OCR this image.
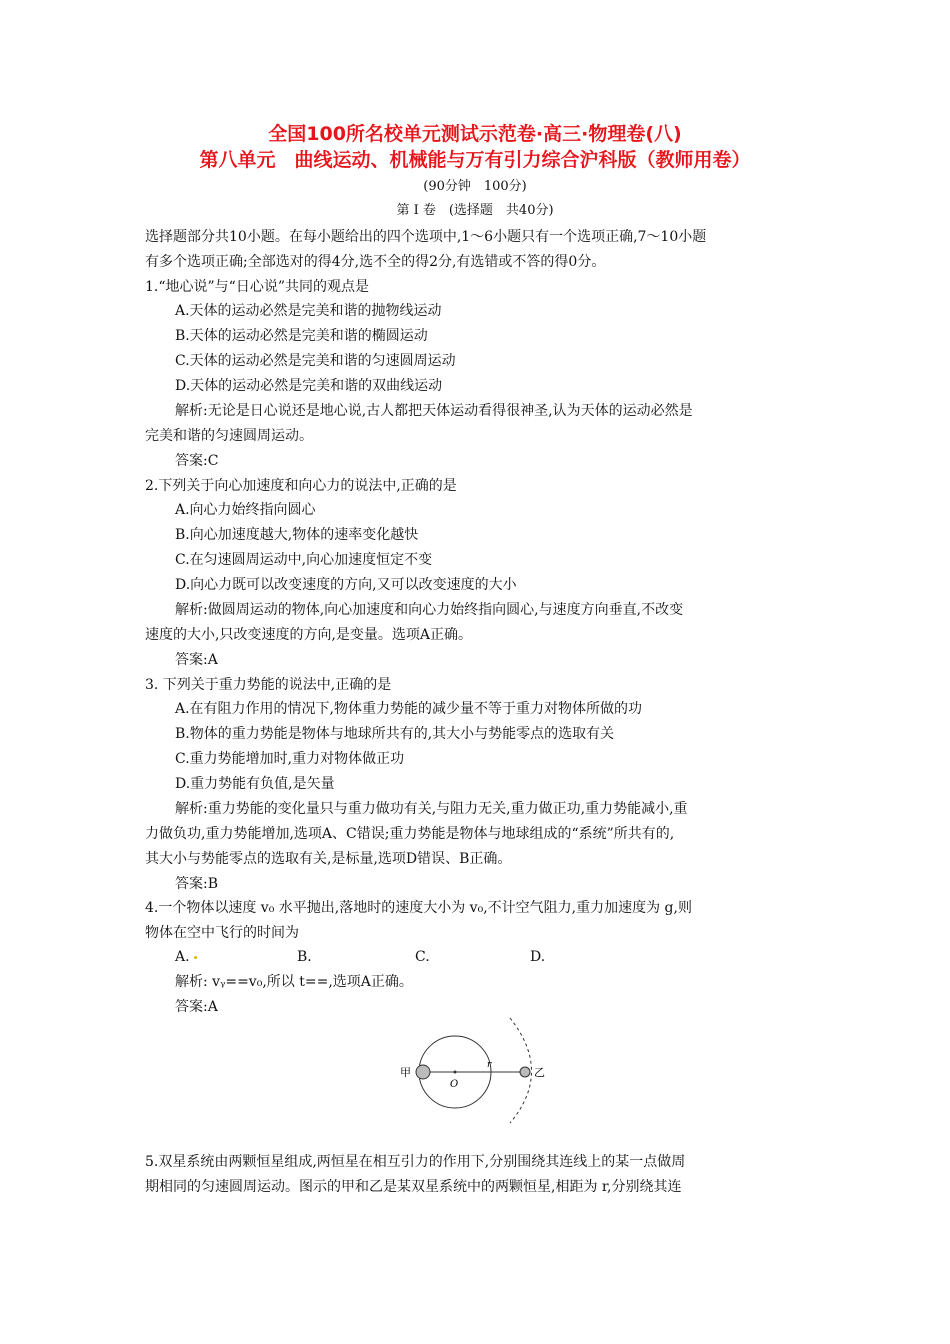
全国100所名校单元测试示范卷·高三·物理卷(八)
第八单元　曲线运动、机械能与万有引力综合沪科版（教师用卷）
(90分钟　100分)
第 I 卷　(选择题　共40分)
选择题部分共10小题。在每小题给出的四个选项中,1～6小题只有一个选项正确,7～10小题
有多个选项正确;全部选对的得4分,选不全的得2分,有选错或不答的得0分。
1.“地心说”与“日心说”共同的观点是
A.天体的运动必然是完美和谐的抛物线运动
B.天体的运动必然是完美和谐的椭圆运动
C.天体的运动必然是完美和谐的匀速圆周运动
D.天体的运动必然是完美和谐的双曲线运动
解析:无论是日心说还是地心说,古人都把天体运动看得很神圣,认为天体的运动必然是
完美和谐的匀速圆周运动。
答案:C
2.下列关于向心加速度和向心力的说法中,正确的是
A.向心力始终指向圆心
B.向心加速度越大,物体的速率变化越快
C.在匀速圆周运动中,向心加速度恒定不变
D.向心力既可以改变速度的方向,又可以改变速度的大小
解析:做圆周运动的物体,向心加速度和向心力始终指向圆心,与速度方向垂直,不改变
速度的大小,只改变速度的方向,是变量。选项A正确。
答案:A
3. 下列关于重力势能的说法中,正确的是
A.在有阻力作用的情况下,物体重力势能的减少量不等于重力对物体所做的功
B.物体的重力势能是物体与地球所共有的,其大小与势能零点的选取有关
C.重力势能增加时,重力对物体做正功
D.重力势能有负值,是矢量
解析:重力势能的变化量只与重力做功有关,与阻力无关,重力做正功,重力势能减小,重
力做负功,重力势能增加,选项A、C错误;重力势能是物体与地球组成的“系统”所共有的,
其大小与势能零点的选取有关,是标量,选项D错误、B正确。
答案:B
4.一个物体以速度 v₀ 水平抛出,落地时的速度大小为 v₀,不计空气阻力,重力加速度为 g,则
物体在空中飞行的时间为
A.	B.	C.	D.
解析: vᵧ==v₀,所以 t==,选项A正确。
答案:A
甲	乙
O
r
5.双星系统由两颗恒星组成,两恒星在相互引力的作用下,分别围绕其连线上的某一点做周
期相同的匀速圆周运动。图示的甲和乙是某双星系统中的两颗恒星,相距为 r,分别绕其连
